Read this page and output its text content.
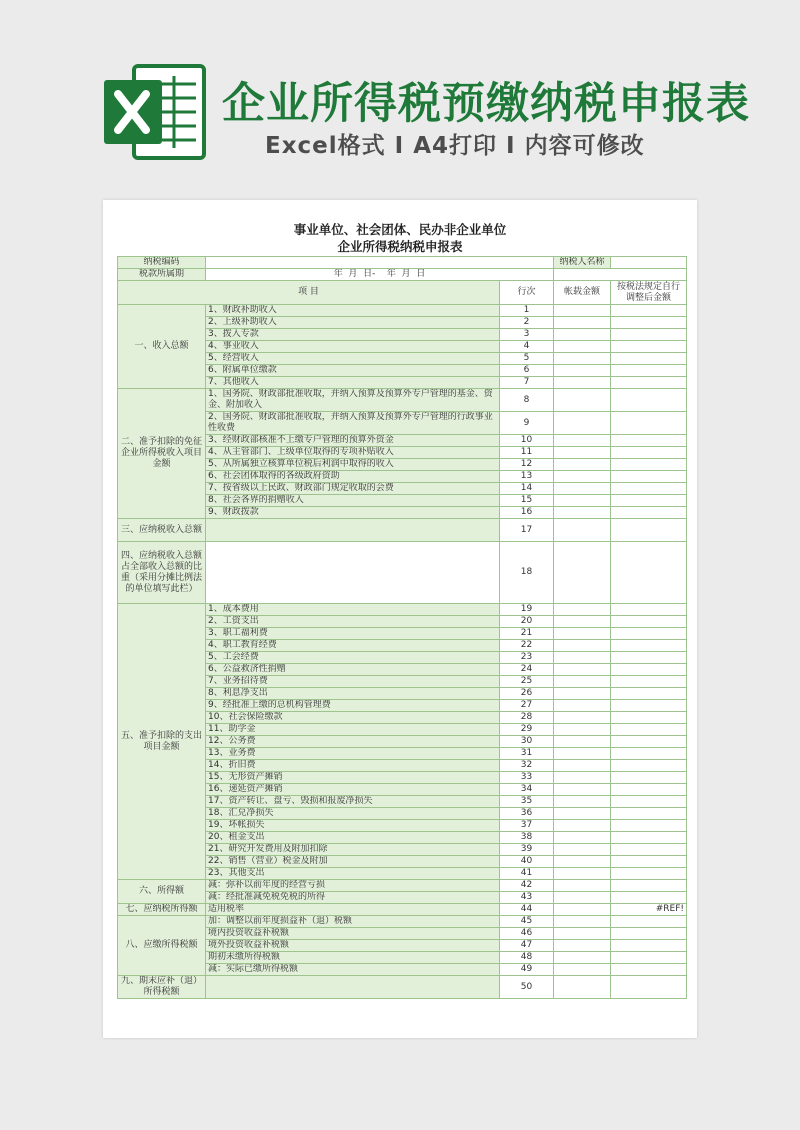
企业所得税预缴纳税申报表
Excel格式 I A4打印 I 内容可修改
事业单位、社会团体、民办非企业单位
企业所得税纳税申报表
纳税编码			纳税人名称	
税款所属期	年  月  日-    年  月  日			
项 目		行次	帐载金额	按税法规定自行调整后金额
一、收入总额	1、财政补助收入	1		
	2、上级补助收入	2		
	3、拨入专款	3		
	4、事业收入	4		
	5、经营收入	5		
	6、附属单位缴款	6		
	7、其他收入	7		
二、准予扣除的免征企业所得税收入项目金额	1、国务院、财政部批准收取，并纳入预算及预算外专户管理的基金、资金、附加收入	8		
	2、国务院、财政部批准收取，并纳入预算及预算外专户管理的行政事业性收费	9		
	3、经财政部核准不上缴专户管理的预算外资金	10		
	4、从主管部门、上级单位取得的专项补贴收入	11		
	5、从所属独立核算单位税后利润中取得的收入	12		
	6、社会团体取得的各级政府资助	13		
	7、按省级以上民政、财政部门规定收取的会费	14		
	8、社会各界的捐赠收入	15		
	9、财政拨款	16		
三、应纳税收入总额		17		
四、应纳税收入总额占全部收入总额的比重（采用分摊比例法的单位填写此栏）		18		
五、准予扣除的支出项目金额	1、成本费用	19		
	2、工资支出	20		
	3、职工福利费	21		
	4、职工教育经费	22		
	5、工会经费	23		
	6、公益救济性捐赠	24		
	7、业务招待费	25		
	8、利息净支出	26		
	9、经批准上缴的总机构管理费	27		
	10、社会保险缴款	28		
	11、助学金	29		
	12、公务费	30		
	13、业务费	31		
	14、折旧费	32		
	15、无形资产摊销	33		
	16、递延资产摊销	34		
	17、资产转让、盘亏、毁损和报废净损失	35		
	18、汇兑净损失	36		
	19、坏帐损失	37		
	20、租金支出	38		
	21、研究开发费用及附加扣除	39		
	22、销售（营业）税金及附加	40		
	23、其他支出	41		
六、所得额	减：弥补以前年度的经营亏损	42		
	减：经批准减免税免税的所得	43		
七、应纳税所得额	适用税率	44		#REF!
八、应缴所得税额	加：调整以前年度损益补（退）税额	45		
	境内投资收益补税额	46		
	境外投资收益补税额	47		
	期初未缴所得税额	48		
	减：实际已缴所得税额	49		
九、期末应补（退）所得税额		50		
